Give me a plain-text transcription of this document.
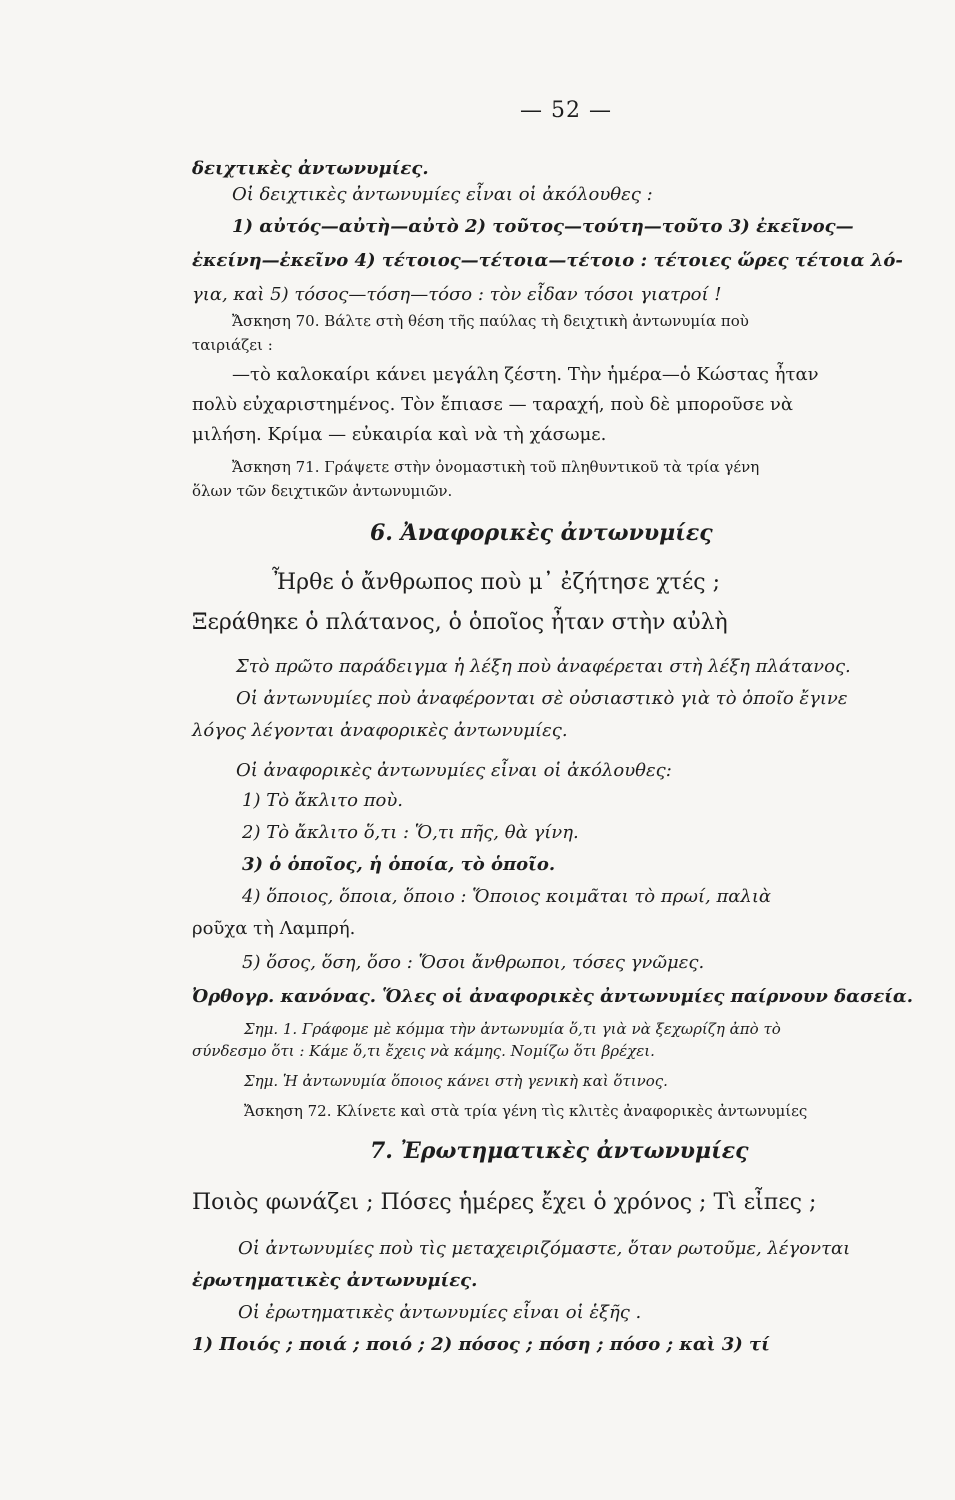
— 52 —
δειχτικὲς ἀντωνυμίες.
Οἱ δειχτικὲς ἀντωνυμίες εἶναι οἱ ἀκόλουθες :
1) αὐτός—αὐτὴ—αὐτὸ 2) τοῦτος—τούτη—τοῦτο 3) ἐκεῖνος—
ἐκείνη—ἐκεῖνο 4) τέτοιος—τέτοια—τέτοιο : τέτοιες ὥρες τέτοια λό-
για, καὶ 5) τόσος—τόση—τόσο : τὸν εἶδαν τόσοι γιατροί !
Ἄσκηση 70. Βάλτε στὴ θέση τῆς παύλας τὴ δειχτικὴ ἀντωνυμία ποὺ
ταιριάζει :
—τὸ καλοκαίρι κάνει μεγάλη ζέστη. Τὴν ἡμέρα—ὁ Κώστας ἦταν
πολὺ εὐχαριστημένος. Τὸν ἔπιασε — ταραχή, ποὺ δὲ μποροῦσε νὰ
μιλήση. Κρίμα — εὐκαιρία καὶ νὰ τὴ χάσωμε.
Ἄσκηση 71. Γράψετε στὴν ὀνομαστικὴ τοῦ πληθυντικοῦ τὰ τρία γένη
ὅλων τῶν δειχτικῶν ἀντωνυμιῶν.
6. Ἀναφορικὲς ἀντωνυμίες
Ἦρθε ὁ ἄνθρωπος ποὺ μ᾽ ἐζήτησε χτές ;
Ξεράθηκε ὁ πλάτανος, ὁ ὁποῖος ἦταν στὴν αὐλὴ
Στὸ πρῶτο παράδειγμα ἡ λέξη ποὺ ἀναφέρεται στὴ λέξη πλάτανος.
Οἱ ἀντωνυμίες ποὺ ἀναφέρονται σὲ οὐσιαστικὸ γιὰ τὸ ὁποῖο ἔγινε
λόγος λέγονται ἀναφορικὲς ἀντωνυμίες.
Οἱ ἀναφορικὲς ἀντωνυμίες εἶναι οἱ ἀκόλουθες:
1) Τὸ ἄκλιτο ποὺ.
2) Τὸ ἄκλιτο ὅ,τι : Ὅ,τι πῆς, θὰ γίνη.
3) ὁ ὁποῖος, ἡ ὁποία, τὸ ὁποῖο.
4) ὅποιος, ὅποια, ὅποιο : Ὅποιος κοιμᾶται τὸ πρωί, παλιὰ
ροῦχα τὴ Λαμπρή.
5) ὅσος, ὅση, ὅσο : Ὅσοι ἄνθρωποι, τόσες γνῶμες.
Ὀρθογρ. κανόνας. Ὅλες οἱ ἀναφορικὲς ἀντωνυμίες παίρνουν δασεία.
Σημ. 1. Γράφομε μὲ κόμμα τὴν ἀντωνυμία ὅ,τι γιὰ νὰ ξεχωρίζη ἀπὸ τὸ
σύνδεσμο ὅτι : Κάμε ὅ,τι ἔχεις νὰ κάμης. Νομίζω ὅτι βρέχει.
Σημ. Ἡ ἀντωνυμία ὅποιος κάνει στὴ γενικὴ καὶ ὅτινος.
Ἄσκηση 72. Κλίνετε καὶ στὰ τρία γένη τὶς κλιτὲς ἀναφορικὲς ἀντωνυμίες
7. Ἐρωτηματικὲς ἀντωνυμίες
Ποιὸς φωνάζει ; Πόσες ἡμέρες ἔχει ὁ χρόνος ; Τὶ εἶπες ;
Οἱ ἀντωνυμίες ποὺ τὶς μεταχειριζόμαστε, ὅταν ρωτοῦμε, λέγονται
ἐρωτηματικὲς ἀντωνυμίες.
Οἱ ἐρωτηματικὲς ἀντωνυμίες εἶναι οἱ ἑξῆς .
1) Ποιός ; ποιά ; ποιό ; 2) πόσος ; πόση ; πόσο ; καὶ 3) τί
